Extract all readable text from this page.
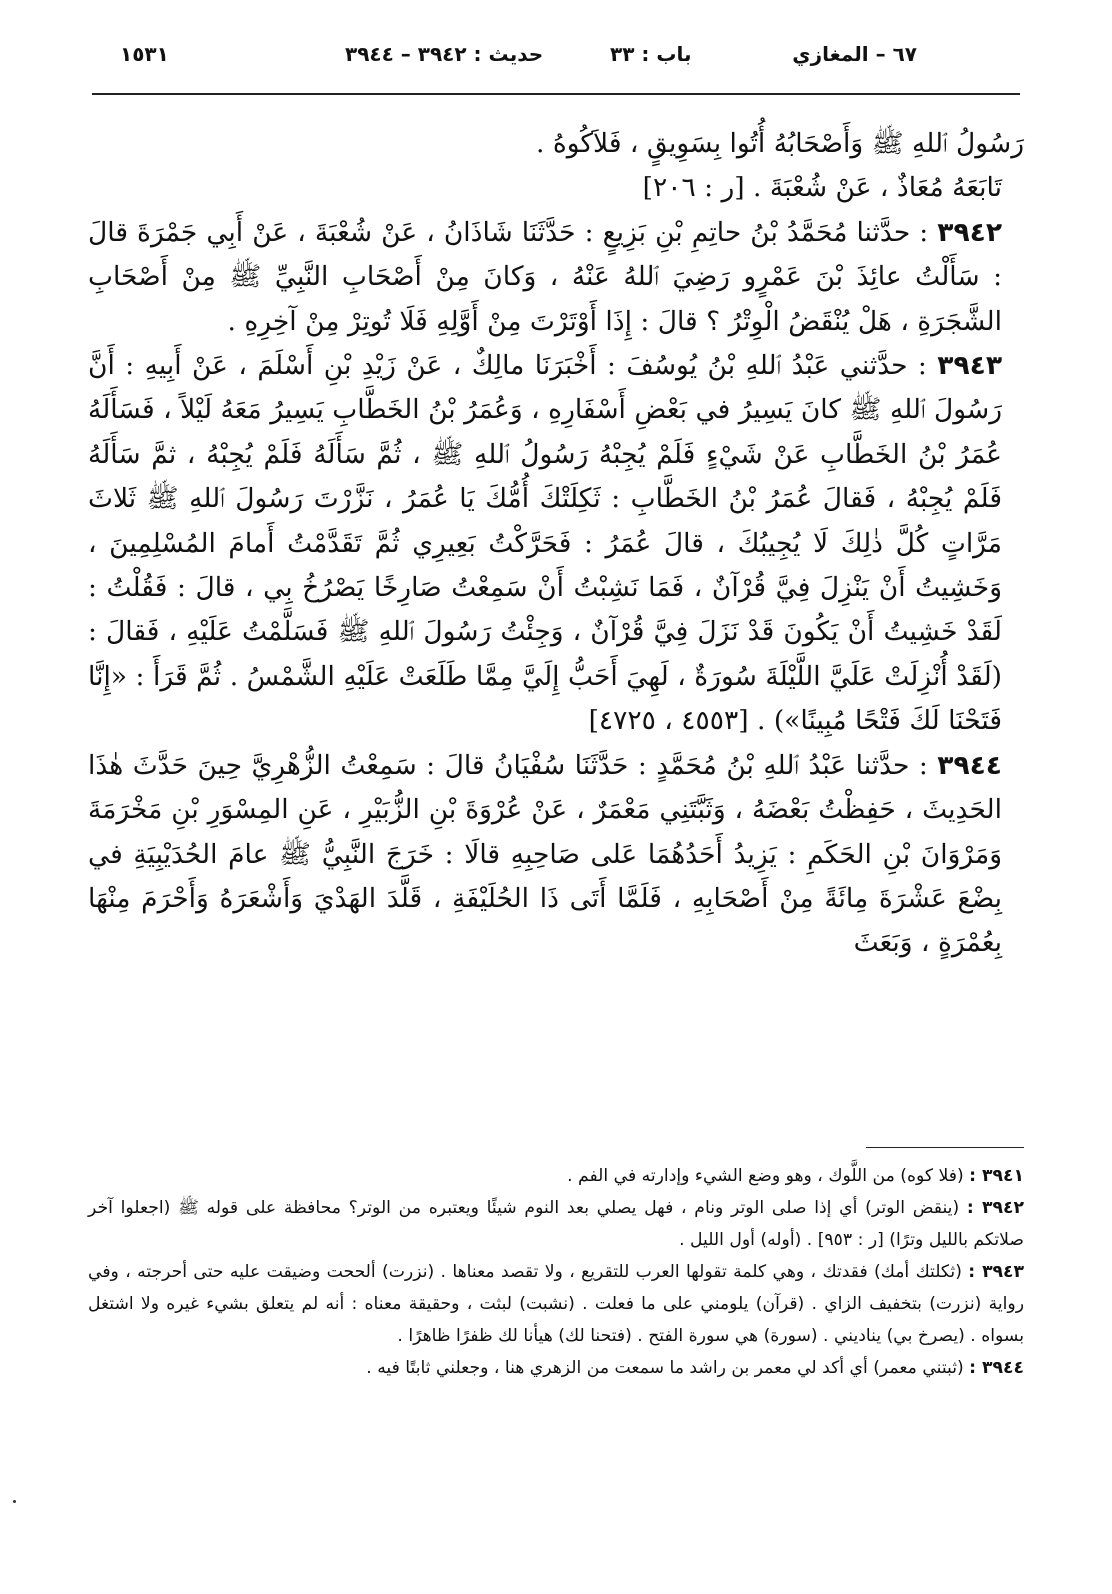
١٥٣١	حديث : ٣٩٤٢ – ٣٩٤٤	باب : ٣٣	٦٧ – المغازي

رَسُولُ ٱللهِ ﷺ وَأَصْحَابُهُ أُتُوا بِسَوِيقٍ ، فَلاَكُوهُ .

تَابَعَهُ مُعَاذٌ ، عَنْ شُعْبَةَ . [ر : ٢٠٦]

٣٩٤٢ : حدَّثنا مُحَمَّدُ بْنُ حاتِمِ بْنِ بَزِيعٍ : حَدَّثَنَا شَاذَانُ ، عَنْ شُعْبَةَ ، عَنْ أَبِي جَمْرَةَ قالَ : سَأَلْتُ عائِذَ بْنَ عَمْرٍو رَضِيَ ٱللهُ عَنْهُ ، وَكانَ مِنْ أَصْحَابِ النَّبِيِّ ﷺ مِنْ أَصْحَابِ الشَّجَرَةِ ، هَلْ يُنْقَضُ الْوِتْرُ ؟ قالَ : إِذَا أَوْتَرْتَ مِنْ أَوَّلِهِ فَلَا تُوتِرْ مِنْ آخِرِهِ .

٣٩٤٣ : حدَّثني عَبْدُ ٱللهِ بْنُ يُوسُفَ : أَخْبَرَنَا مالِكٌ ، عَنْ زَيْدِ بْنِ أَسْلَمَ ، عَنْ أَبِيهِ : أَنَّ رَسُولَ ٱللهِ ﷺ كانَ يَسِيرُ في بَعْضِ أَسْفَارِهِ ، وَعُمَرُ بْنُ الخَطَّابِ يَسِيرُ مَعَهُ لَيْلاً ، فَسَأَلَهُ عُمَرُ بْنُ الخَطَّابِ عَنْ شَيْءٍ فَلَمْ يُجِبْهُ رَسُولُ ٱللهِ ﷺ ، ثُمَّ سَأَلَهُ فَلَمْ يُجِبْهُ ، ثمَّ سَأَلَهُ فَلَمْ يُجِبْهُ ، فَقالَ عُمَرُ بْنُ الخَطَّابِ : ثَكِلَتْكَ أُمُّكَ يَا عُمَرُ ، نَزَّرْتَ رَسُولَ ٱللهِ ﷺ ثَلاثَ مَرَّاتٍ كُلَّ ذٰلِكَ لَا يُجِيبُكَ ، قالَ عُمَرُ : فَحَرَّكْتُ بَعِيرِي ثُمَّ تَقَدَّمْتُ أَمامَ المُسْلِمِينَ ، وَخَشِيتُ أَنْ يَنْزِلَ فِيَّ قُرْآنٌ ، فَمَا نَشِبْتُ أَنْ سَمِعْتُ صَارِخًا يَصْرُخُ بِي ، قالَ : فَقُلْتُ : لَقَدْ خَشِيتُ أَنْ يَكُونَ قَدْ نَزَلَ فِيَّ قُرْآنٌ ، وَجِئْتُ رَسُولَ ٱللهِ ﷺ فَسَلَّمْتُ عَلَيْهِ ، فَقالَ : (لَقَدْ أُنْزِلَتْ عَلَيَّ اللَّيْلَةَ سُورَةٌ ، لَهِيَ أَحَبُّ إِلَيَّ مِمَّا طَلَعَتْ عَلَيْهِ الشَّمْسُ . ثُمَّ قَرَأَ : «إِنَّا فَتَحْنَا لَكَ فَتْحًا مُبِينًا») . [٤٥٥٣ ، ٤٧٢٥]

٣٩٤٤ : حدَّثنا عَبْدُ ٱللهِ بْنُ مُحَمَّدٍ : حَدَّثَنَا سُفْيَانُ قالَ : سَمِعْتُ الزُّهْرِيَّ حِينَ حَدَّثَ هٰذَا الحَدِيثَ ، حَفِظْتُ بَعْضَهُ ، وَثَبَّتَنِي مَعْمَرٌ ، عَنْ عُرْوَةَ بْنِ الزُّبَيْرِ ، عَنِ المِسْوَرِ بْنِ مَخْرَمَةَ وَمَرْوَانَ بْنِ الحَكَمِ : يَزِيدُ أَحَدُهُمَا عَلى صَاحِبِهِ قالَا : خَرَجَ النَّبِيُّ ﷺ عامَ الحُدَيْبِيَةِ في بِضْعَ عَشْرَةَ مِائَةً مِنْ أَصْحَابِهِ ، فَلَمَّا أَتَى ذَا الحُلَيْفَةِ ، قَلَّدَ الهَدْيَ وَأَشْعَرَهُ وَأَحْرَمَ مِنْهَا بِعُمْرَةٍ ، وَبَعَثَ

٣٩٤١ : (فلا كوه) من اللَّوك ، وهو وضع الشيء وإدارته في الفم .

٣٩٤٢ : (ينقض الوتر) أي إذا صلى الوتر ونام ، فهل يصلي بعد النوم شيئًا ويعتبره من الوتر؟ محافظة على قوله ﷺ (اجعلوا آخر صلاتكم بالليل وترًا) [ر : ٩٥٣] . (أوله) أول الليل .

٣٩٤٣ : (ثكلتك أمك) فقدتك ، وهي كلمة تقولها العرب للتقريع ، ولا تقصد معناها . (نزرت) ألححت وضيقت عليه حتى أحرجته ، وفي رواية (نزرت) بتخفيف الزاي . (قرآن) يلومني على ما فعلت . (نشبت) لبثت ، وحقيقة معناه : أنه لم يتعلق بشيء غيره ولا اشتغل بسواه . (يصرخ بي) يناديني . (سورة) هي سورة الفتح . (فتحنا لك) هيأنا لك ظفرًا ظاهرًا .

٣٩٤٤ : (ثبتني معمر) أي أكد لي معمر بن راشد ما سمعت من الزهري هنا ، وجعلني ثابتًا فيه .
